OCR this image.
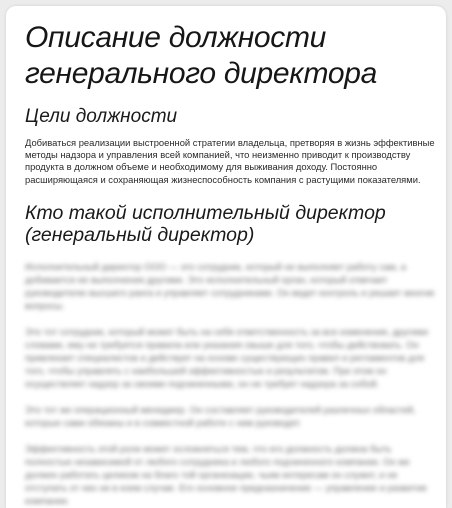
Описание должности
генерального директора
Цели должности

Добиваться реализации выстроенной стратегии владельца, претворяя в жизнь эффективные методы надзора и управления всей компанией, что неизменно приводит к производству продукта в должном объеме и необходимому для выживания доходу. Постоянно расширяющаяся и сохраняющая жизнеспособность компания с растущими показателями.

Кто такой исполнительный директор
(генеральный директор)

Исполнительный директор ООО — это сотрудник, который не выполняет работу сам, а добивается ее выполнения другими. Это исполнительный орган, который отвечает руководителю высшего ранга и управляет сотрудниками. Он ведет контроль и решает многие вопросы.

Это тот сотрудник, который может быть на себя ответственность за все изменения, другими словами, ему не требуется правила или указания свыше для того, чтобы действовать. Он привлекает специалистов и действует на основе существующих правил и регламентов для того, чтобы управлять с наибольшей эффективностью и результатом. При этом он осуществляет надзор за своими подчиненными, он не требует надзора за собой.

Это тот же операционный менеджер. Он составляет руководителей различных областей, которые сами обязаны и в совместной работе с ним руководят.

Эффективность этой роли может осложняться тем, что его должность должна быть полностью независимой от любого сотрудника и любого подчиненного компании. Он же должен работать целиком на благо той организации, чьим интересам он служит, и не отступать от них ни в коем случае. Его основное предназначение — управление и развитие компании.
